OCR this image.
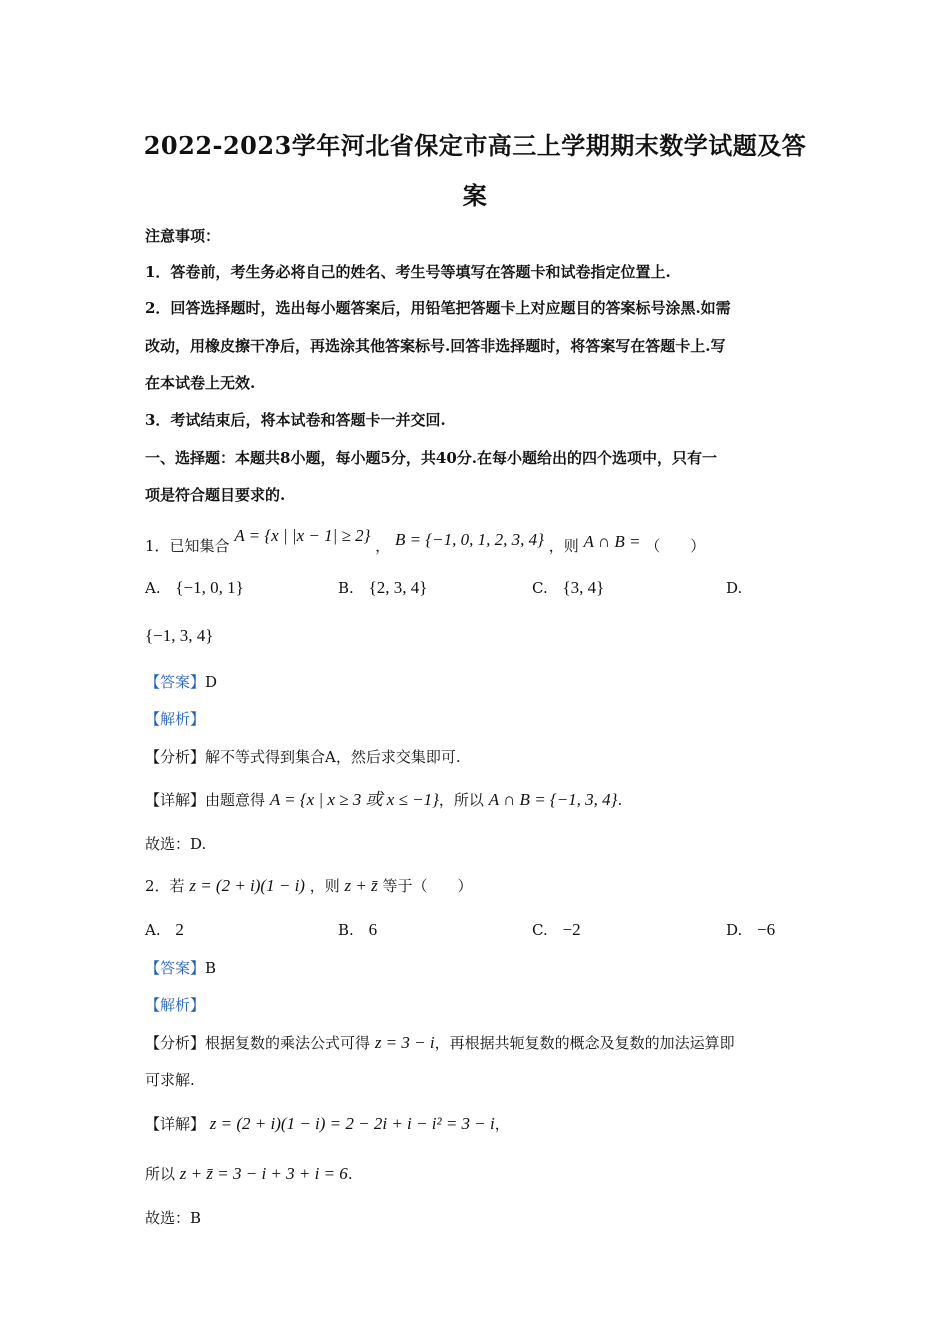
2022-2023学年河北省保定市高三上学期期末数学试题及答
案
注意事项：
1．答卷前，考生务必将自己的姓名、考生号等填写在答题卡和试卷指定位置上.
2．回答选择题时，选出每小题答案后，用铅笔把答题卡上对应题目的答案标号涂黑.如需
改动，用橡皮擦干净后，再选涂其他答案标号.回答非选择题时，将答案写在答题卡上.写
在本试卷上无效.
3．考试结束后，将本试卷和答题卡一并交回.
一、选择题：本题共8小题，每小题5分，共40分.在每小题给出的四个选项中，只有一
项是符合题目要求的.
1．已知集合 A = {x | |x − 1| ≥ 2} ， B = {−1, 0, 1, 2, 3, 4} ，则 A ∩ B = （　　）
A. {−1, 0, 1}	B. {2, 3, 4}	C. {3, 4}	D.
{−1, 3, 4}
【答案】D
【解析】
【分析】解不等式得到集合A，然后求交集即可.
【详解】由题意得 A = {x | x ≥ 3 或 x ≤ −1}，所以 A ∩ B = {−1, 3, 4}.
故选：D.
2．若 z = (2 + i)(1 − i) ，则 z + z̄ 等于（　　）
A. 2	B. 6	C. −2	D. −6
【答案】B
【解析】
【分析】根据复数的乘法公式可得 z = 3 − i，再根据共轭复数的概念及复数的加法运算即
可求解.
【详解】 z = (2 + i)(1 − i) = 2 − 2i + i − i² = 3 − i，
所以 z + z̄ = 3 − i + 3 + i = 6.
故选：B
